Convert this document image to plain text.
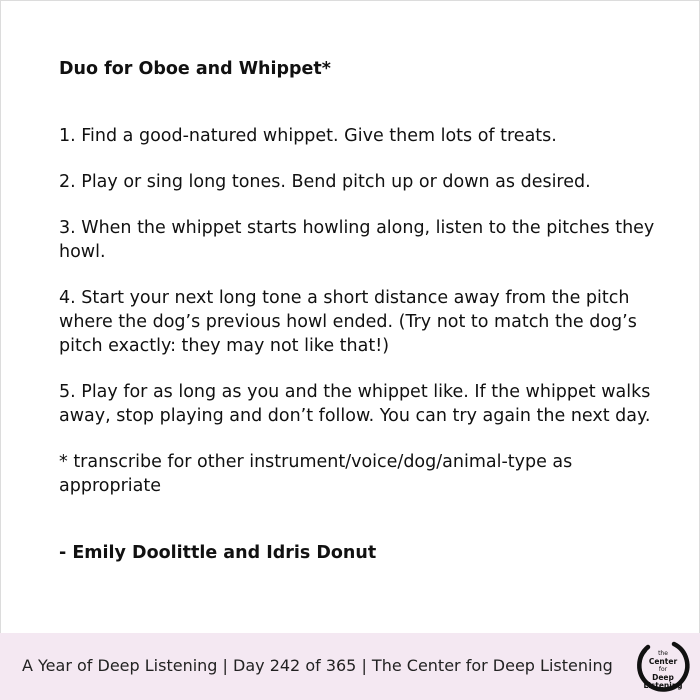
Duo for Oboe and Whippet*

1. Find a good-natured whippet. Give them lots of treats.

2. Play or sing long tones. Bend pitch up or down as desired.

3. When the whippet starts howling along, listen to the pitches they howl.

4. Start your next long tone a short distance away from the pitch where the dog’s previous howl ended. (Try not to match the dog’s pitch exactly: they may not like that!)

5. Play for as long as you and the whippet like. If the whippet walks away, stop playing and don’t follow. You can try again the next day.

* transcribe for other instrument/voice/dog/animal-type as appropriate

- Emily Doolittle and Idris Donut
A Year of Deep Listening | Day 242 of 365 | The Center for Deep Listening
the
Center
for
Deep
Listening
